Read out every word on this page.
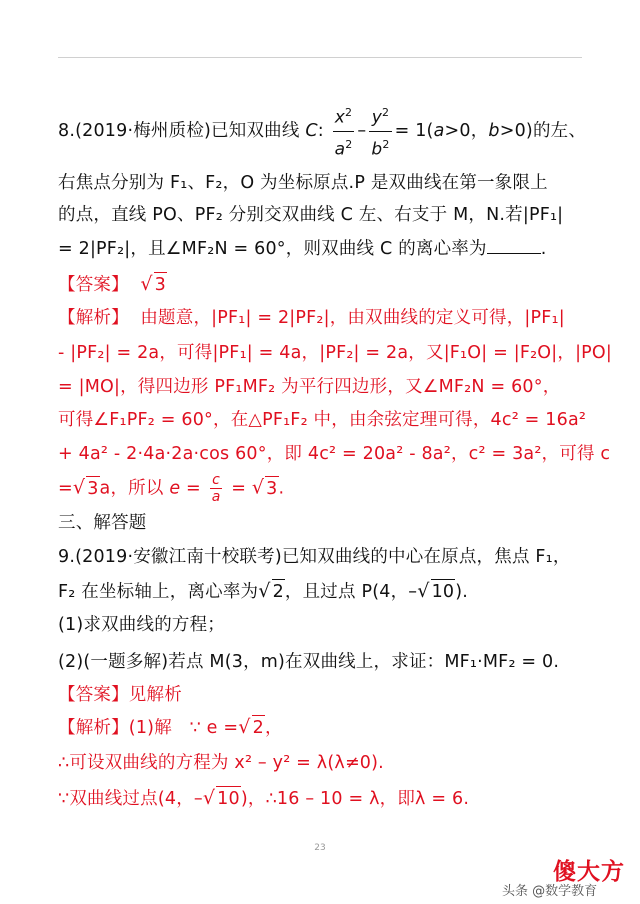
8.(2019·梅州质检)已知双曲线 C: $\frac{x^2}{a^2} - \frac{y^2}{b^2} = 1(a>0$，b>0)的左、
右焦点分别为 F₁、F₂，O 为坐标原点.P 是双曲线在第一象限上
的点，直线 PO、PF₂ 分别交双曲线 C 左、右支于 M，N.若|PF₁|
= 2|PF₂|，且∠MF₂N = 60°，则双曲线 C 的离心率为	.
【答案】 √ 3
【解析】 由题意，|PF₁| = 2|PF₂|，由双曲线的定义可得，|PF₁|
- |PF₂| = 2a，可得|PF₁| = 4a，|PF₂| = 2a，又|F₁O| = |F₂O|，|PO|
= |MO|，得四边形 PF₁MF₂ 为平行四边形，又∠MF₂N = 60°，
可得∠F₁PF₂ = 60°，在△PF₁F₂ 中，由余弦定理可得，4c² = 16a²
+ 4a² - 2·4a·2a·cos 60°，即 4c² = 20a² - 8a²，c² = 3a²，可得 c
=√ 3a，所以 $e = \frac{c}{a}$ = √ 3.
三、解答题
9.(2019·安徽江南十校联考)已知双曲线的中心在原点，焦点 F₁，
F₂ 在坐标轴上，离心率为√ 2，且过点 P(4，–√ 10).
(1)求双曲线的方程；
(2)(一题多解)若点 M(3，m)在双曲线上，求证：MF₁·MF₂ = 0.
【答案】见解析
【解析】(1)解　∵ e =√ 2，
∴可设双曲线的方程为 x² – y² = λ(λ≠0).
∵双曲线过点(4，–√ 10)，∴16 – 10 = λ，即λ = 6.
23
傻大方
头条 @数学教育
